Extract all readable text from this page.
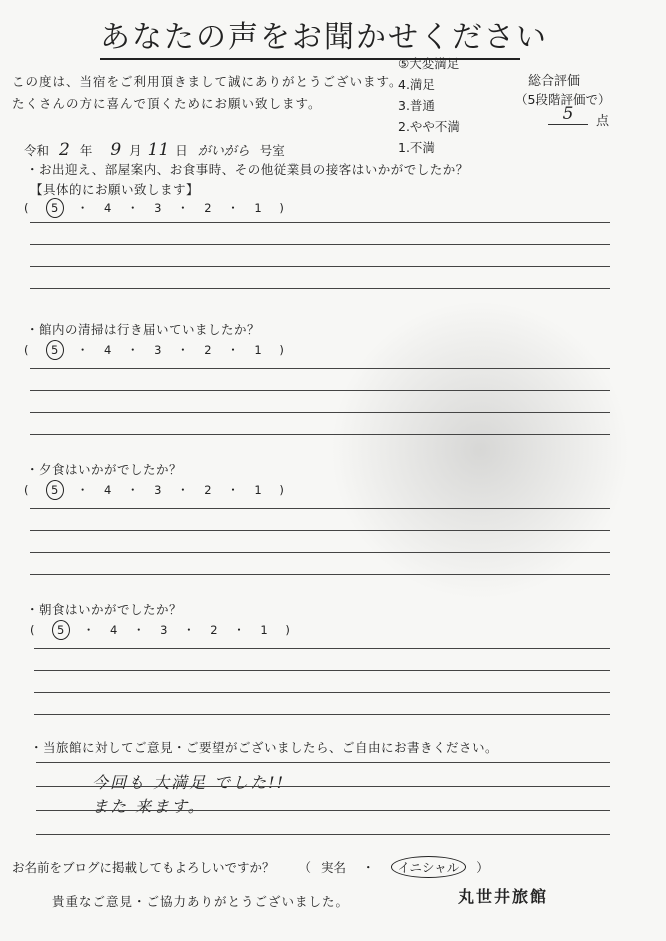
あなたの声をお聞かせください
この度は、当宿をご利用頂きまして誠にありがとうございます。
たくさんの方に喜んで頂くためにお願い致します。
⑤大変満足
4.満足
3.普通
2.やや不満
1.不満
総合評価
（5段階評価で）
5	点
令和 2 年 9 月 11 日 がいがら 号室
・お出迎え、部屋案内、お食事時、その他従業員の接客はいかがでしたか？
【具体的にお願い致します】
( 5 ・ 4 ・ 3 ・ 2 ・ 1 )
・館内の清掃は行き届いていましたか？
( 5 ・ 4 ・ 3 ・ 2 ・ 1 )
・夕食はいかがでしたか？
( 5 ・ 4 ・ 3 ・ 2 ・ 1 )
・朝食はいかがでしたか？
( 5 ・ 4 ・ 3 ・ 2 ・ 1 )
・当旅館に対してご意見・ご要望がございましたら、ご自由にお書きください。
今回も 大満足 でした!!
また 来ます。
お名前をブログに掲載してもよろしいですか？ （ 実名 ・ イニシャル ）
貴重なご意見・ご協力ありがとうございました。	丸世井旅館
